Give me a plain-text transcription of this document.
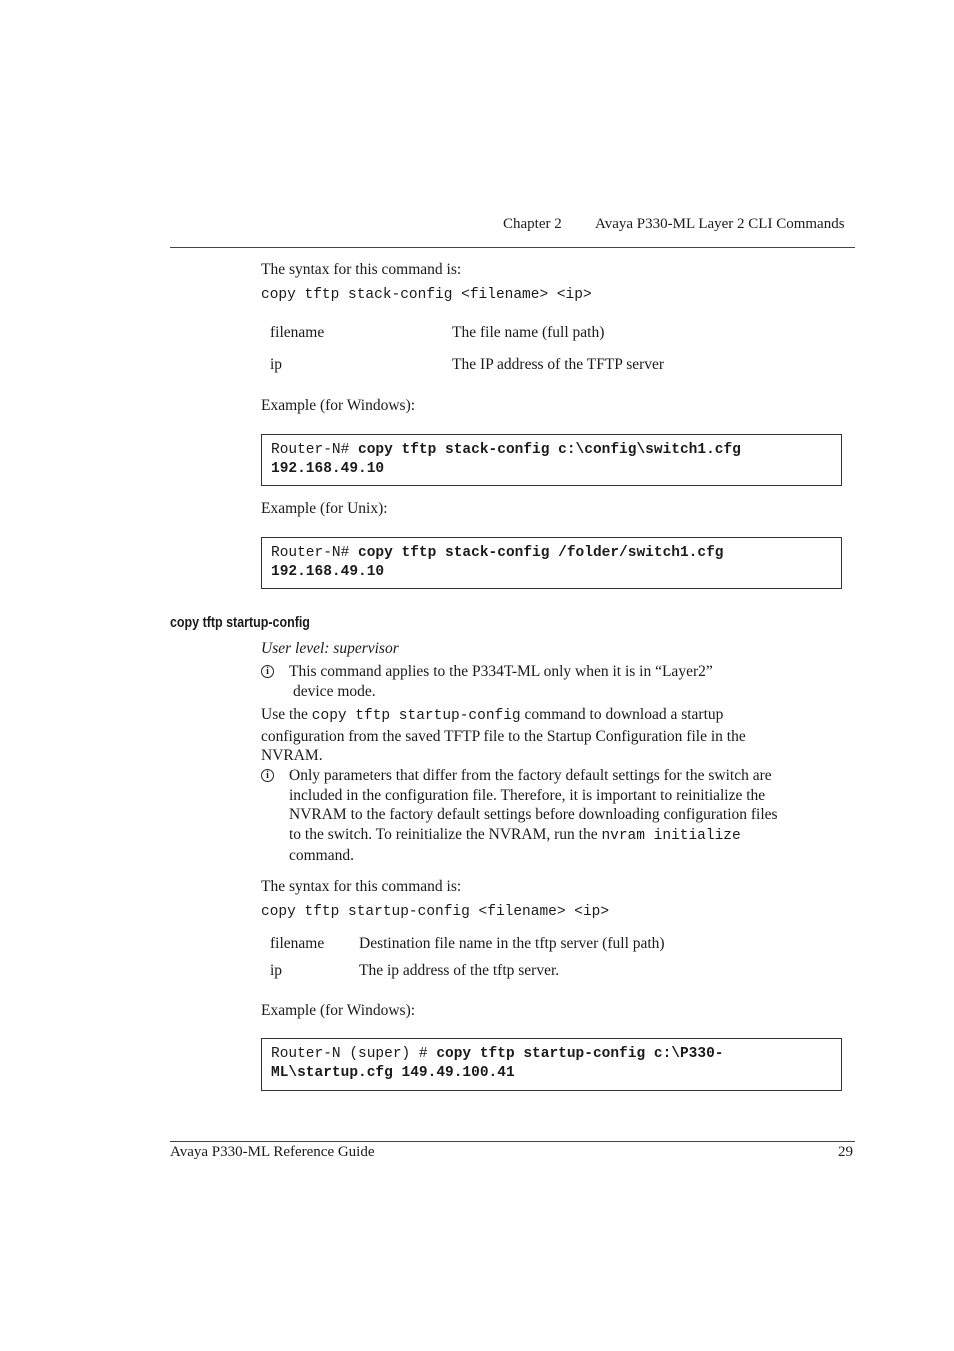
Chapter 2 Avaya P330-ML Layer 2 CLI Commands
The syntax for this command is:
copy tftp stack-config <filename> <ip>
filename	The file name (full path)
ip	The IP address of the TFTP server
Example (for Windows):
Router-N# copy tftp stack-config c:\config\switch1.cfg
192.168.49.10
Example (for Unix):
Router-N# copy tftp stack-config /folder/switch1.cfg
192.168.49.10
copy tftp startup-config
User level: supervisor
i	This command applies to the P334T-ML only when it is in “Layer2”
device mode.
Use the copy tftp startup-config command to download a startup
configuration from the saved TFTP file to the Startup Configuration file in the
NVRAM.
i	Only parameters that differ from the factory default settings for the switch are
included in the configuration file. Therefore, it is important to reinitialize the
NVRAM to the factory default settings before downloading configuration files
to the switch. To reinitialize the NVRAM, run the nvram initialize
command.
The syntax for this command is:
copy tftp startup-config <filename> <ip>
filename Destination file name in the tftp server (full path)
ip	The ip address of the tftp server.
Example (for Windows):
Router-N (super) # copy tftp startup-config c:\P330-
ML\startup.cfg 149.49.100.41
Avaya P330-ML Reference Guide	29
